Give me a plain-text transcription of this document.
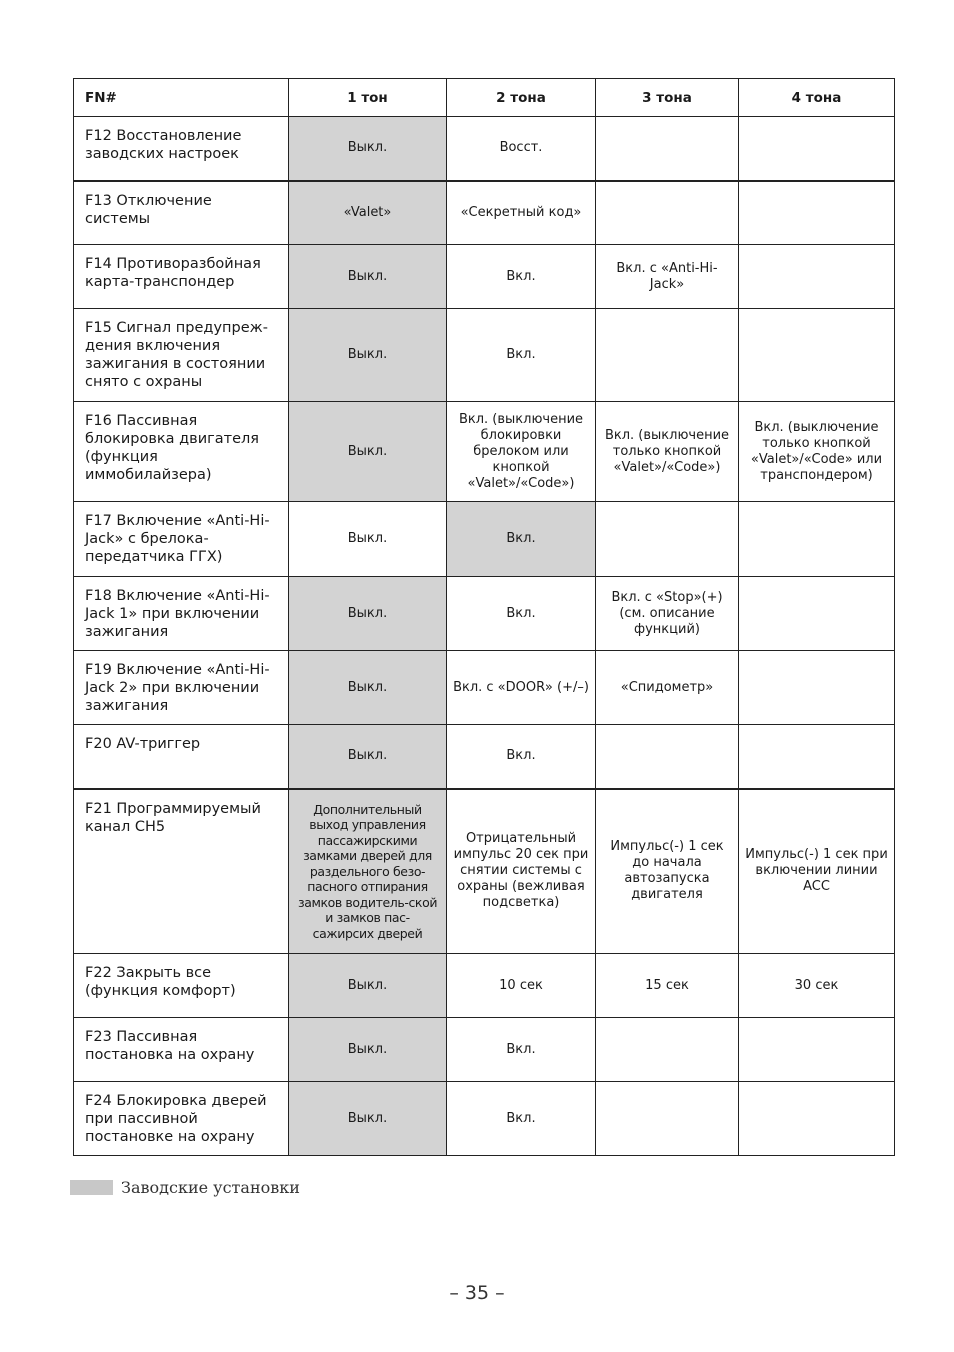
FN#	1 тон	2 тона	3 тона	4 тона
F12 Восстановление заводских настроек	Выкл.	Восст.		
F13 Отключение системы	«Valet»	«Секретный код»		
F14 Противоразбойная карта-транспондер	Выкл.	Вкл.	Вкл. с «Anti-Hi-Jack»	
F15 Сигнал предупреж-дения включения зажигания в состоянии снято с охраны	Выкл.	Вкл.		
F16 Пассивная блокировка двигателя (функция иммобилайзера)	Выкл.	Вкл. (выключение блокировки брелоком или кнопкой «Valet»/«Code»)	Вкл. (выключение только кнопкой «Valet»/«Code»)	Вкл. (выключение только кнопкой «Valet»/«Code» или транспондером)
F17 Включение «Anti-Hi-Jack» с брелока-передатчика ГГХ)	Выкл.	Вкл.		
F18 Включение «Anti-Hi-Jack 1» при включении зажигания	Выкл.	Вкл.	Вкл. с «Stop»(+) (см. описание функций)	
F19 Включение «Anti-Hi-Jack 2» при включении зажигания	Выкл.	Вкл. с «DOOR» (+/–)	«Спидометр»	
F20 AV-триггер	Выкл.	Вкл.		
F21 Программируемый канал CH5	Дополнительный выход управления пассажирскими замками дверей для раздельного безо-пасного отпирания замков водитель-ской и замков пас-сажирсих дверей	Отрицательный импульс 20 сек при снятии системы с охраны (вежливая подсветка)	Импульс(-) 1 сек до начала автозапуска двигателя	Импульс(-) 1 сек при включении линии ACC
F22 Закрыть все (функция комфорт)	Выкл.	10 сек	15 сек	30 сек
F23 Пассивная постановка на охрану	Выкл.	Вкл.		
F24 Блокировка дверей при пассивной постановке на охрану	Выкл.	Вкл.		
Заводские установки
– 35 –
